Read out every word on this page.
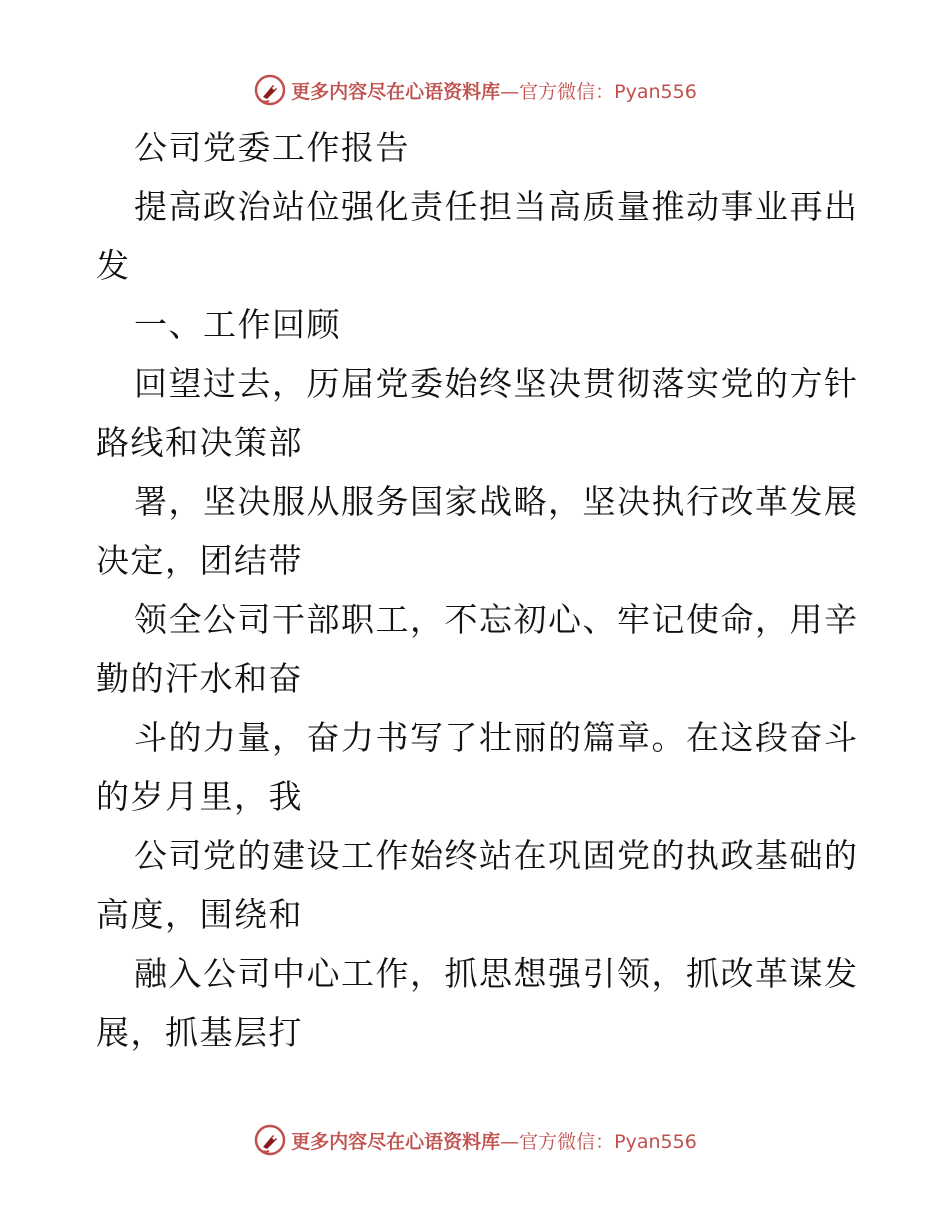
更多内容尽在心语资料库—官方微信：Pyan556
公司党委工作报告
提高政治站位强化责任担当高质量推动事业再出
发
一、工作回顾
回望过去，历届党委始终坚决贯彻落实党的方针
路线和决策部
署，坚决服从服务国家战略，坚决执行改革发展
决定，团结带
领全公司干部职工，不忘初心、牢记使命，用辛
勤的汗水和奋
斗的力量，奋力书写了壮丽的篇章。在这段奋斗
的岁月里，我
公司党的建设工作始终站在巩固党的执政基础的
高度，围绕和
融入公司中心工作，抓思想强引领，抓改革谋发
展，抓基层打
更多内容尽在心语资料库—官方微信：Pyan556
